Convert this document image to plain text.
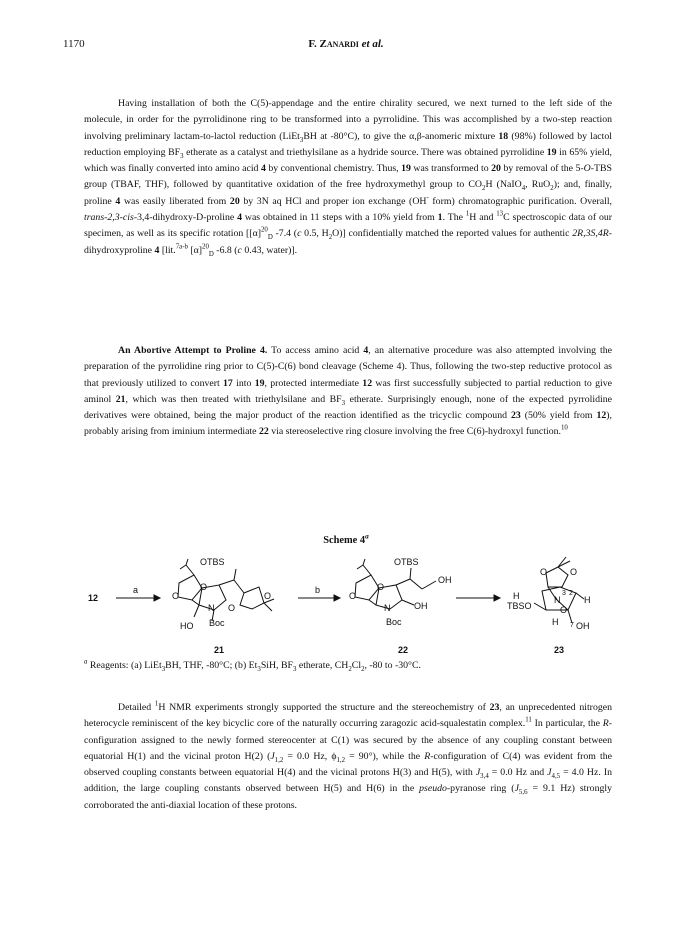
1170	F. Zanardi et al.

Having installation of both the C(5)-appendage and the entire chirality secured, we next turned to the left side of the molecule, in order for the pyrrolidinone ring to be transformed into a pyrrolidine. This was accomplished by a two-step reaction involving preliminary lactam-to-lactol reduction (LiEt$_3$BH at -80°C), to give the α,β-anomeric mixture 18 (98%) followed by lactol reduction employing $BF_3$ etherate as a catalyst and triethylsilane as a hydride source. There was obtained pyrrolidine 19 in 65% yield, which was finally converted into amino acid 4 by conventional chemistry. Thus, 19 was transformed to 20 by removal of the 5-O-TBS group (TBAF, THF), followed by quantitative oxidation of the free hydroxymethyl group to $CO_2H$ (NaIO$_4$, RuO$_2$); and, finally, proline 4 was easily liberated from 20 by 3N aq HCl and proper ion exchange (OH- form) chromatographic purification. Overall, trans-2,3-cis-3,4-dihydroxy-D-proline 4 was obtained in 11 steps with a 10% yield from 1. The $^1$H and $^{13}$C spectroscopic data of our specimen, as well as its specific rotation [$[\alpha]^{20}_D$ -7.4 (c 0.5, $H_2O$)] confidentially matched the reported values for authentic 2R,3S,4R-dihydroxyproline 4 [lit.$^{7a-b}$ $[\alpha]^{20}_D$ -6.8 (c 0.43, water)].

An Abortive Attempt to Proline 4. To access amino acid 4, an alternative procedure was also attempted involving the preparation of the pyrrolidine ring prior to C(5)-C(6) bond cleavage (Scheme 4). Thus, following the two-step reductive protocol as that previously utilized to convert 17 into 19, protected intermediate 12 was first successfully subjected to partial reduction to give aminol 21, which was then treated with triethylsilane and $BF_3$ etherate. Surprisingly enough, none of the expected pyrrolidine derivatives were obtained, being the major product of the reaction identified as the tricyclic compound 23 (50% yield from 12), probably arising from iminium intermediate 22 via stereoselective ring closure involving the free C(6)-hydroxyl function.$^{10}$

Scheme 4$^a$
12
a	b
OTBS
O
O
N O
O
HO Boc
21
OTBS
O
O
N	OH
OH
Boc
22
O	O
H
TBSO
N
3 2
O
H
H 7 OH
23
$^a$ Reagents: (a) LiEt$_3$BH, THF, -80°C; (b) $Et_3SiH$, $BF_3$ etherate, $CH_2Cl_2$, -80 to -30°C.

Detailed $^1$H NMR experiments strongly supported the structure and the stereochemistry of 23, an unprecedented nitrogen heterocycle reminiscent of the key bicyclic core of the naturally occurring zaragozic acid-squalestatin complex.$^{11}$ In particular, the R-configuration assigned to the newly formed stereocenter at C(1) was secured by the absence of any coupling constant between equatorial H(1) and the vicinal proton H(2) ($J_{1,2} = 0.0$ Hz, $\phi_{1,2} = 90^\circ$), while the R-configuration of C(4) was evident from the observed coupling constants between equatorial H(4) and the vicinal protons H(3) and H(5), with $J_{3,4} = 0.0$ Hz and $J_{4,5} = 4.0$ Hz. In addition, the large coupling constants observed between H(5) and H(6) in the pseudo-pyranose ring ($J_{5,6} = 9.1$ Hz) strongly corroborated the anti-diaxial location of these protons.
